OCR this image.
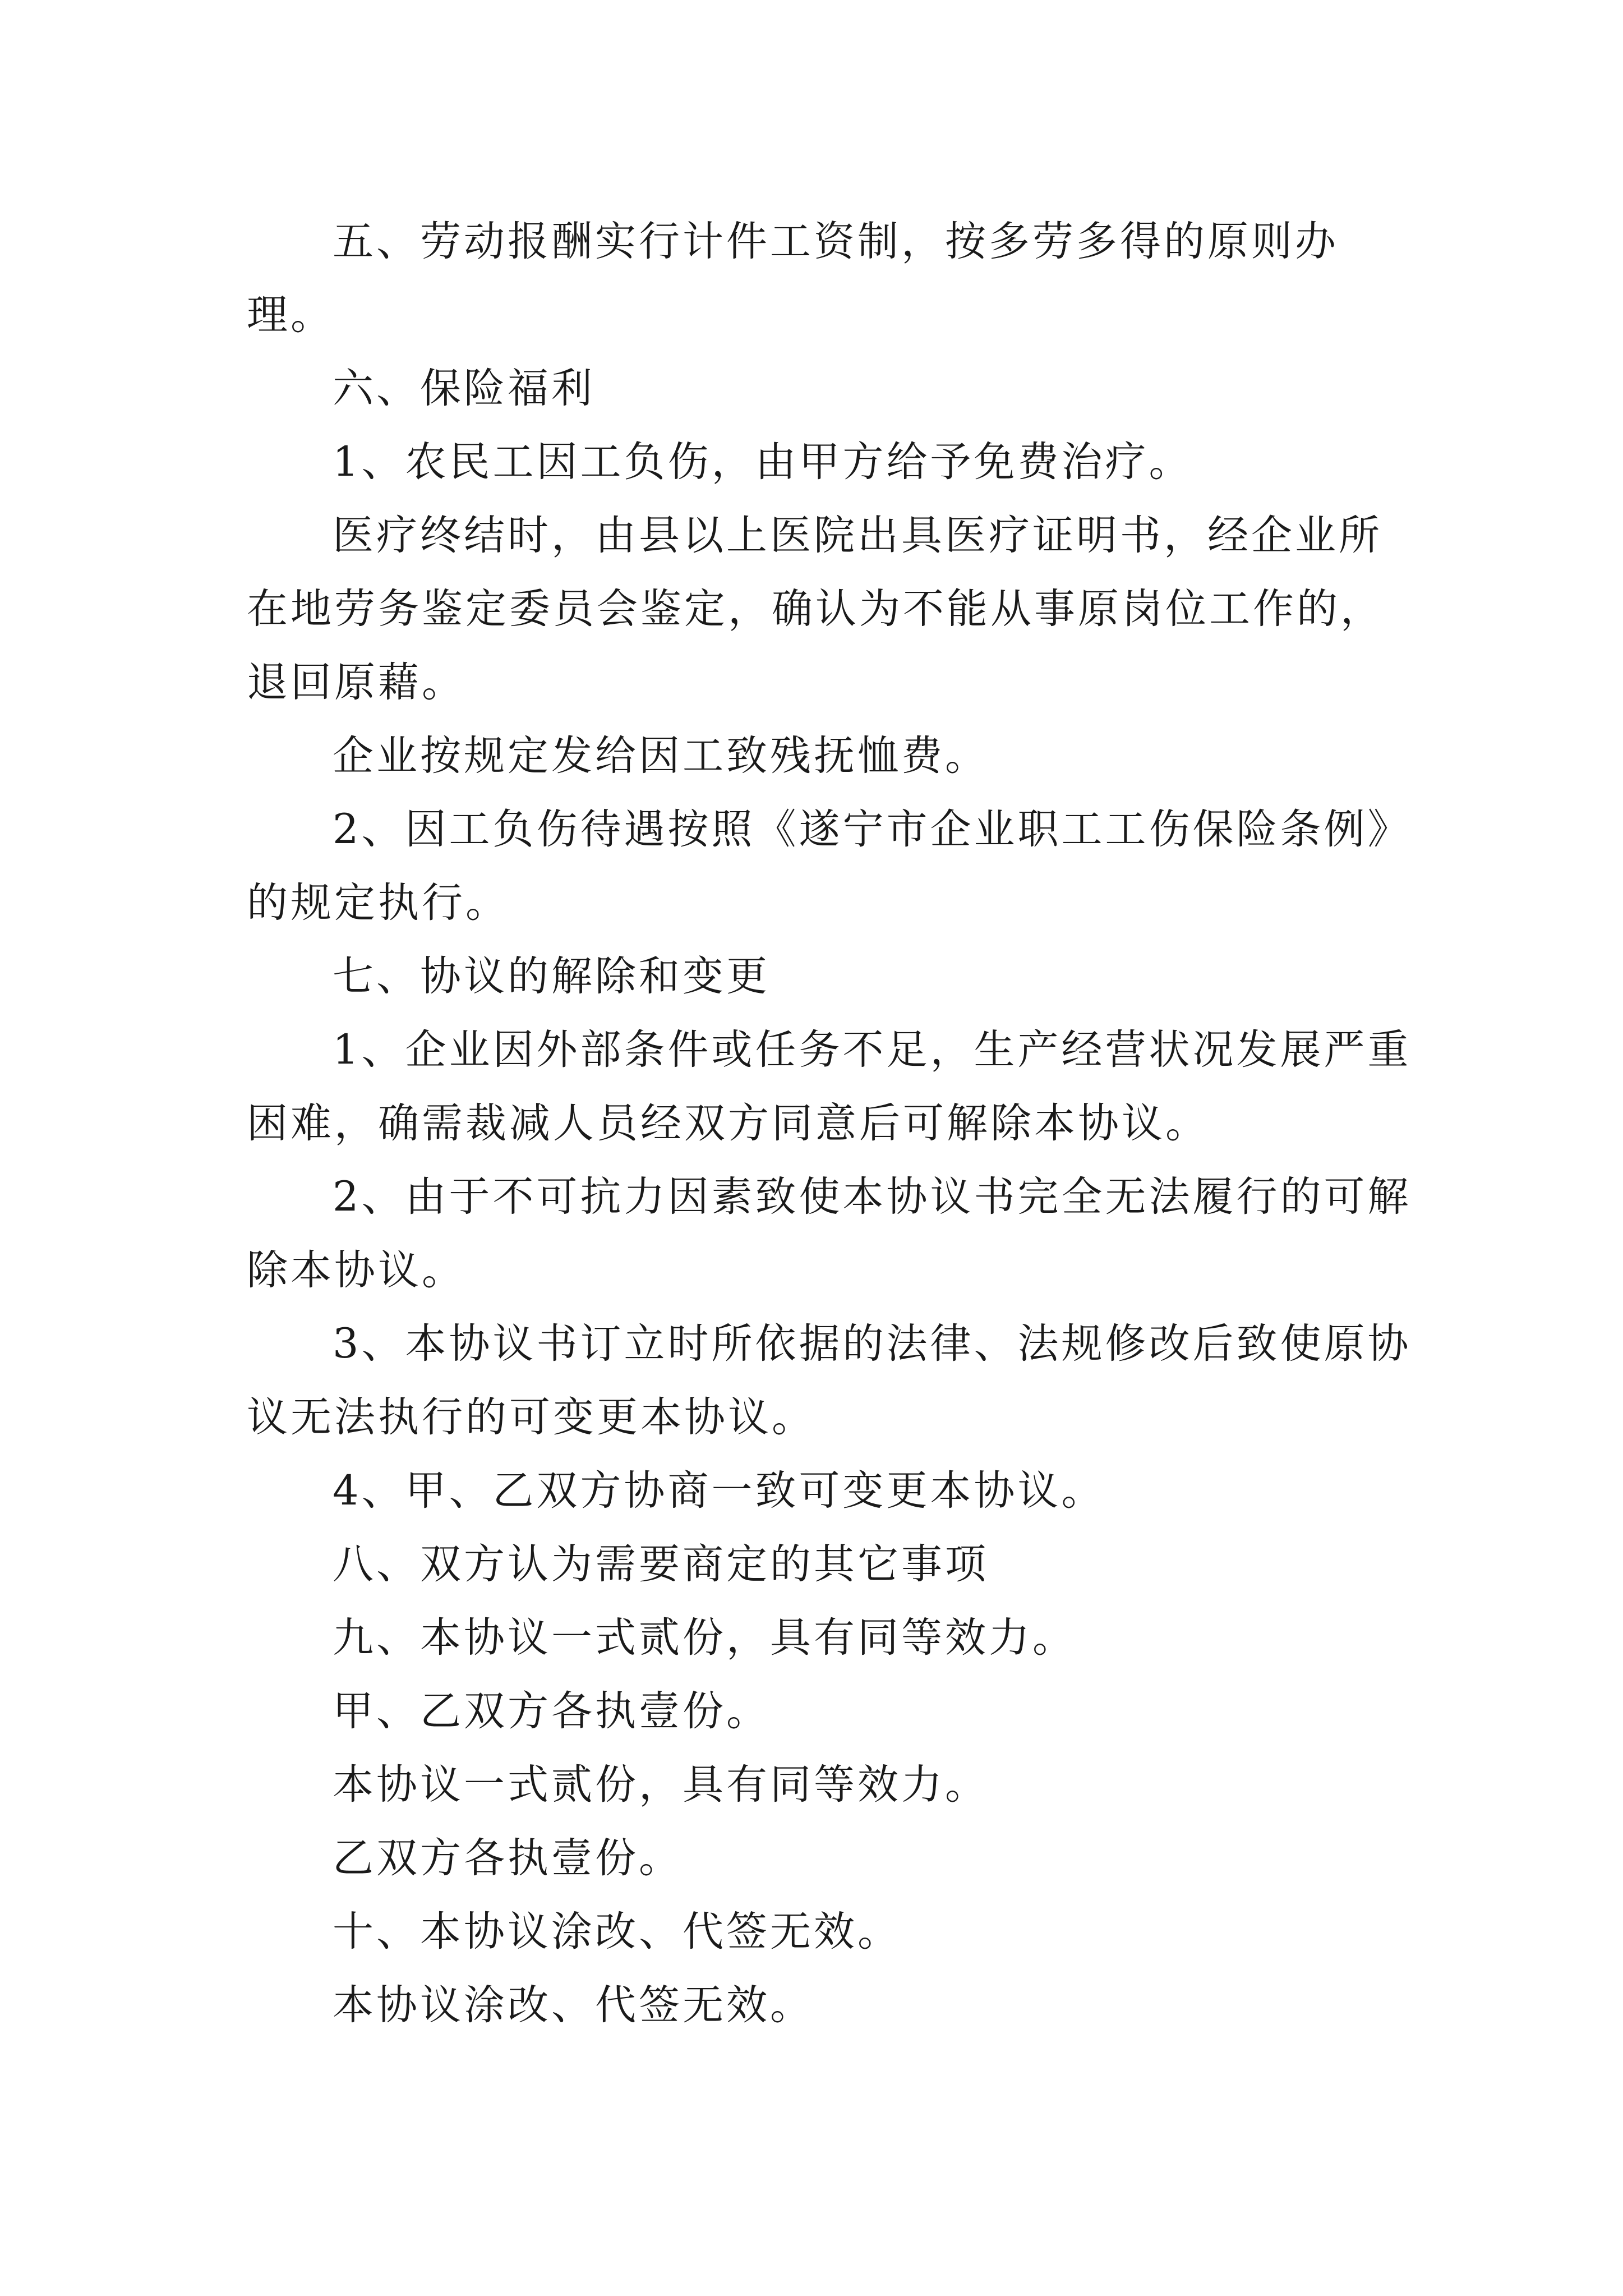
五、劳动报酬实行计件工资制，按多劳多得的原则办理。

六、保险福利

1、农民工因工负伤，由甲方给予免费治疗。

医疗终结时，由县以上医院出具医疗证明书，经企业所在地劳务鉴定委员会鉴定，确认为不能从事原岗位工作的，退回原藉。

企业按规定发给因工致残抚恤费。

2、因工负伤待遇按照《遂宁市企业职工工伤保险条例》的规定执行。

七、协议的解除和变更

1、企业因外部条件或任务不足，生产经营状况发展严重困难，确需裁减人员经双方同意后可解除本协议。

2、由于不可抗力因素致使本协议书完全无法履行的可解除本协议。

3、本协议书订立时所依据的法律、法规修改后致使原协议无法执行的可变更本协议。

4、甲、乙双方协商一致可变更本协议。

八、双方认为需要商定的其它事项

九、本协议一式贰份，具有同等效力。

甲、乙双方各执壹份。

本协议一式贰份，具有同等效力。

乙双方各执壹份。

十、本协议涂改、代签无效。

本协议涂改、代签无效。
